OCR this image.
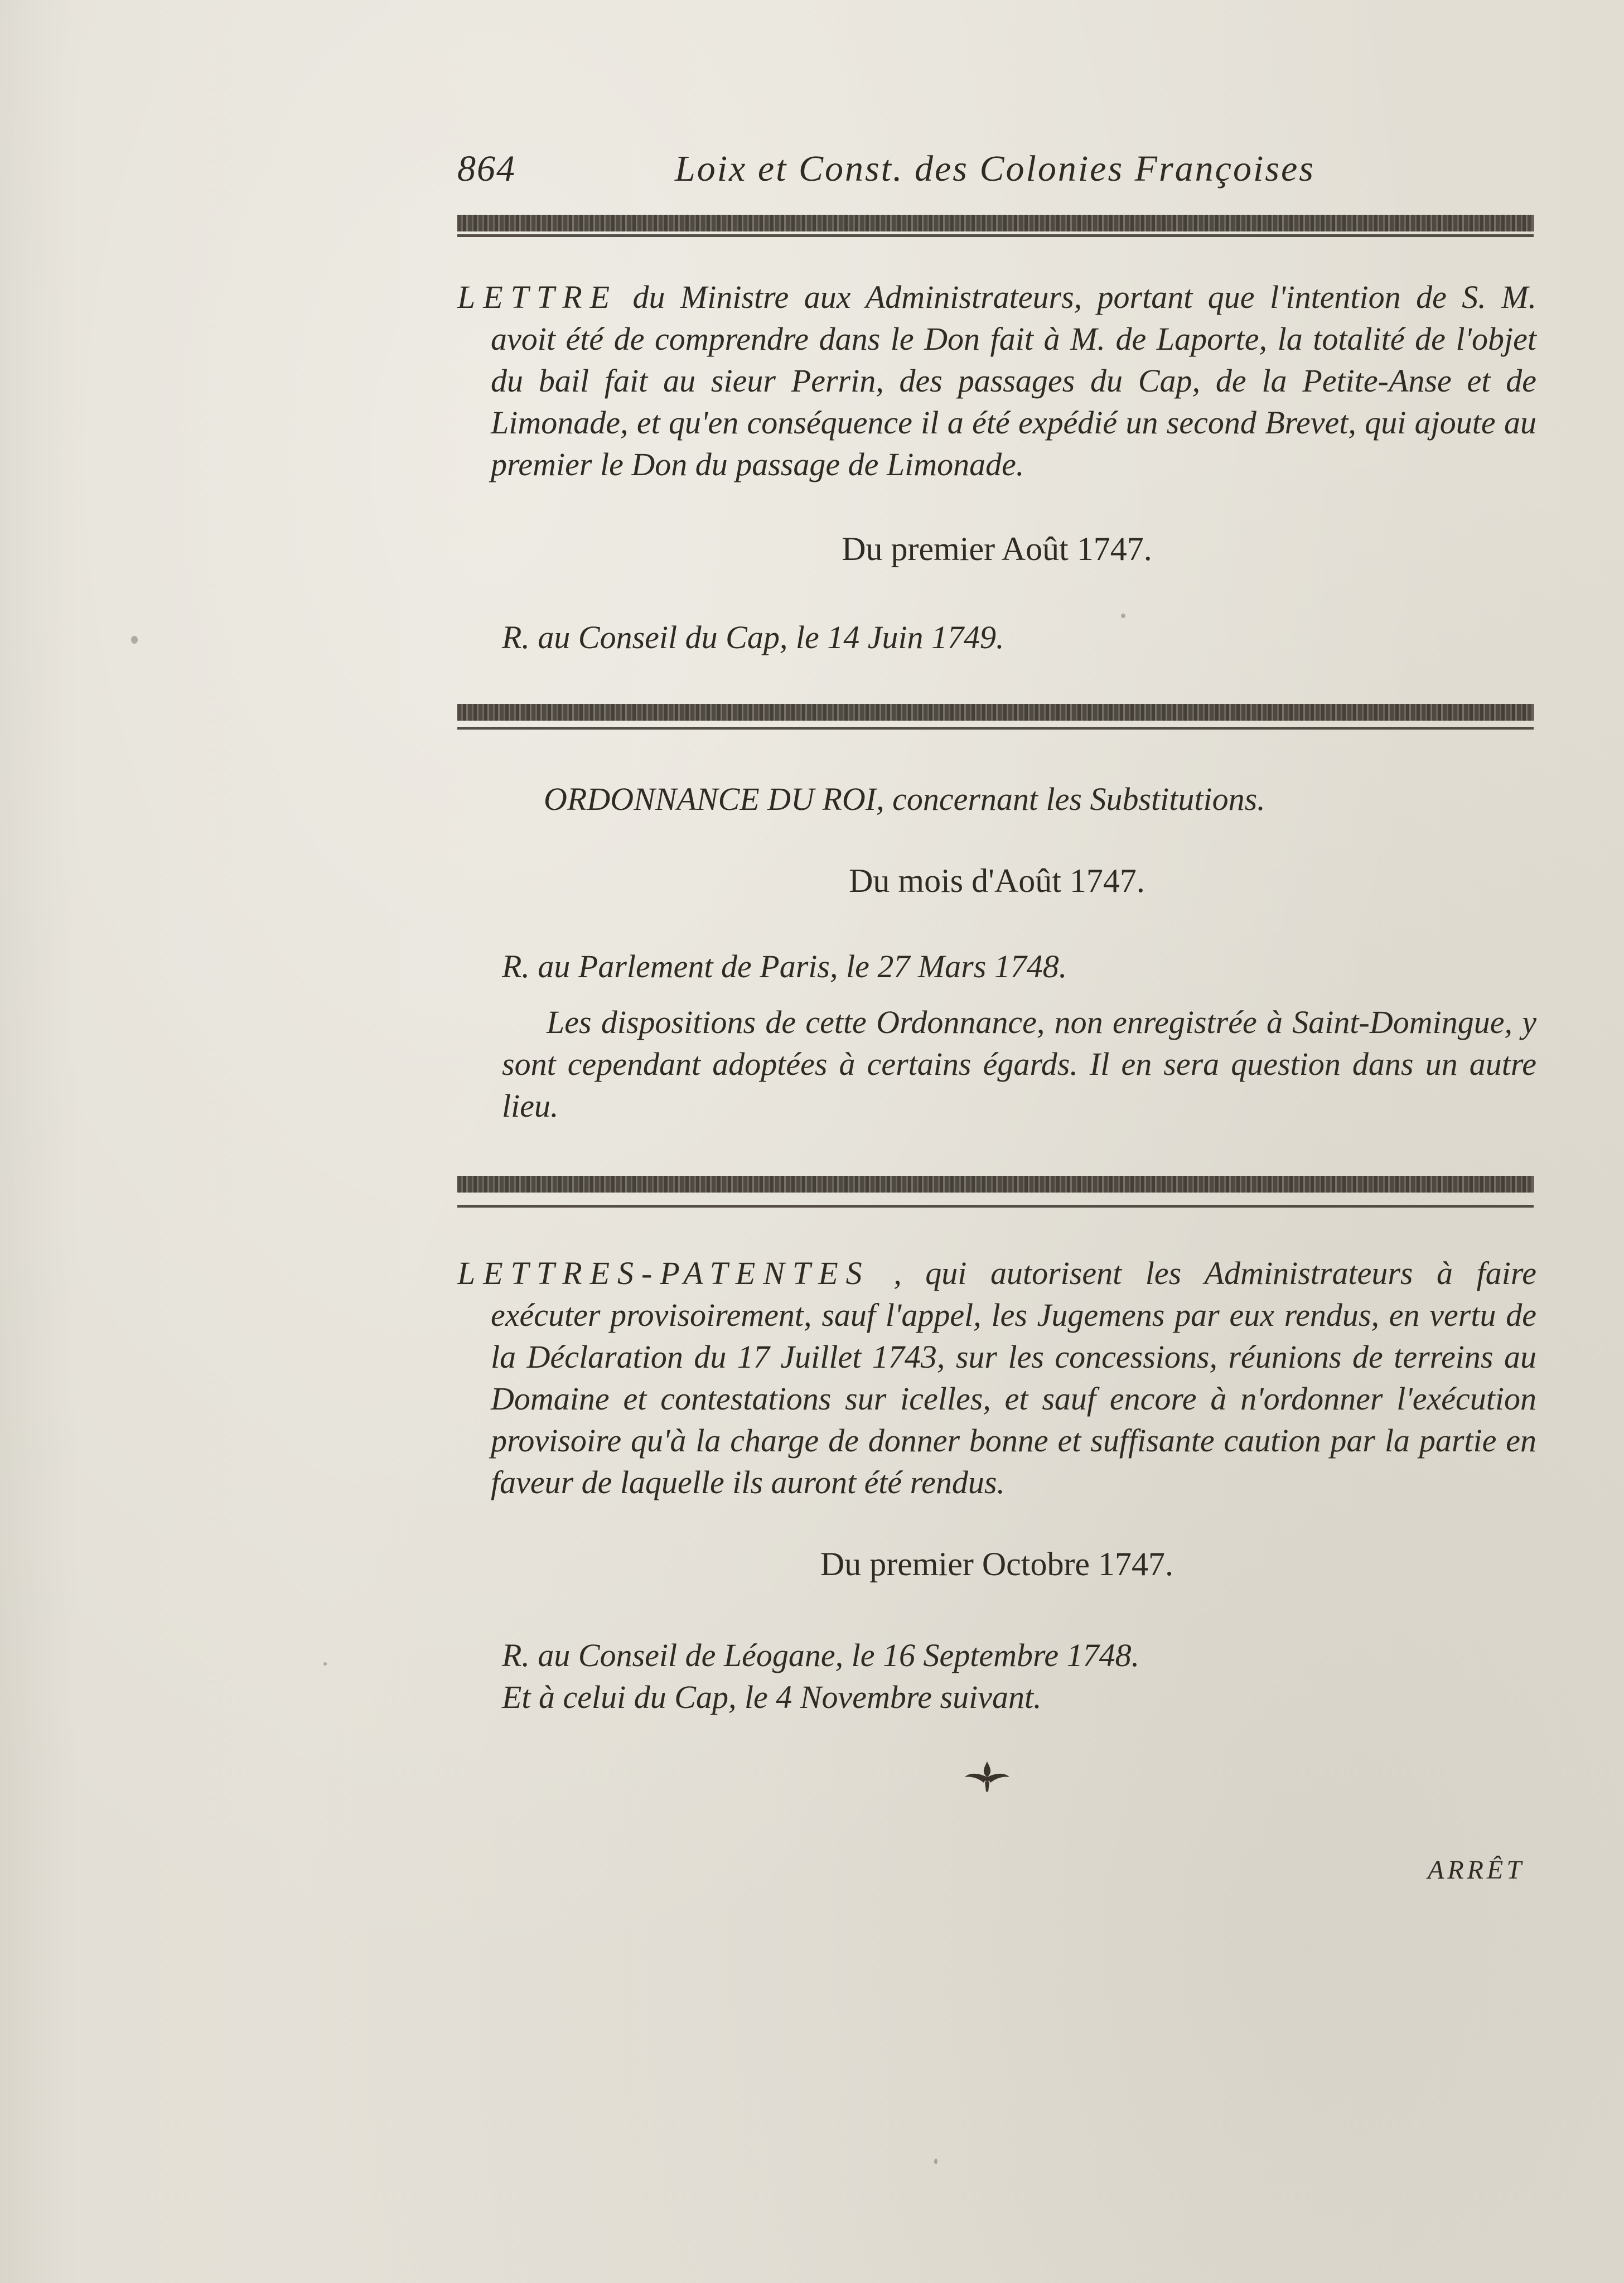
864	Loix et Const. des Colonies Françoises
LETTRE du Ministre aux Administrateurs, portant que l'intention de S. M. avoit été de comprendre dans le Don fait à M. de Laporte, la totalité de l'objet du bail fait au sieur Perrin, des passages du Cap, de la Petite-Anse et de Limonade, et qu'en conséquence il a été expédié un second Brevet, qui ajoute au premier le Don du passage de Limonade.
Du premier Août 1747.
R. au Conseil du Cap, le 14 Juin 1749.
ORDONNANCE DU ROI, concernant les Substitutions.
Du mois d'Août 1747.
R. au Parlement de Paris, le 27 Mars 1748.
Les dispositions de cette Ordonnance, non enregistrée à Saint-Domingue, y sont cependant adoptées à certains égards. Il en sera question dans un autre lieu.
LETTRES-PATENTES , qui autorisent les Administrateurs à faire exécuter provisoirement, sauf l'appel, les Jugemens par eux rendus, en vertu de la Déclaration du 17 Juillet 1743, sur les concessions, réunions de terreins au Domaine et contestations sur icelles, et sauf encore à n'ordonner l'exécution provisoire qu'à la charge de donner bonne et suffisante caution par la partie en faveur de laquelle ils auront été rendus.
Du premier Octobre 1747.
R. au Conseil de Léogane, le 16 Septembre 1748.
Et à celui du Cap, le 4 Novembre suivant.
ARRÊT
